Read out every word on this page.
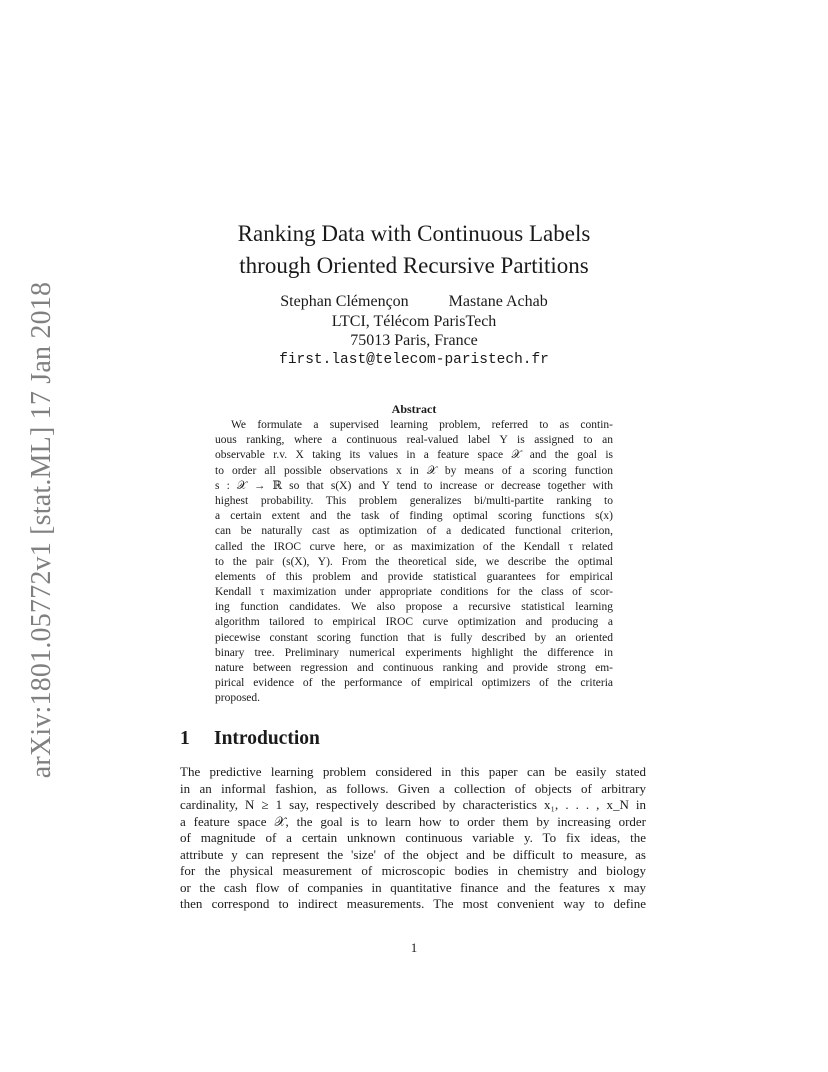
arXiv:1801.05772v1 [stat.ML] 17 Jan 2018
Ranking Data with Continuous Labels
through Oriented Recursive Partitions
Stephan Clémençon	Mastane Achab
LTCI, Télécom ParisTech
75013 Paris, France
first.last@telecom-paristech.fr
Abstract
We formulate a supervised learning problem, referred to as contin-
uous ranking, where a continuous real-valued label Y is assigned to an
observable r.v. X taking its values in a feature space 𝒳 and the goal is
to order all possible observations x in 𝒳 by means of a scoring function
s : 𝒳 → ℝ so that s(X) and Y tend to increase or decrease together with
highest probability. This problem generalizes bi/multi-partite ranking to
a certain extent and the task of finding optimal scoring functions s(x)
can be naturally cast as optimization of a dedicated functional criterion,
called the IROC curve here, or as maximization of the Kendall τ related
to the pair (s(X), Y). From the theoretical side, we describe the optimal
elements of this problem and provide statistical guarantees for empirical
Kendall τ maximization under appropriate conditions for the class of scor-
ing function candidates. We also propose a recursive statistical learning
algorithm tailored to empirical IROC curve optimization and producing a
piecewise constant scoring function that is fully described by an oriented
binary tree. Preliminary numerical experiments highlight the difference in
nature between regression and continuous ranking and provide strong em-
pirical evidence of the performance of empirical optimizers of the criteria
proposed.
1 Introduction
The predictive learning problem considered in this paper can be easily stated
in an informal fashion, as follows. Given a collection of objects of arbitrary
cardinality, N ≥ 1 say, respectively described by characteristics x₁, . . . , x_N in
a feature space 𝒳, the goal is to learn how to order them by increasing order
of magnitude of a certain unknown continuous variable y. To fix ideas, the
attribute y can represent the 'size' of the object and be difficult to measure, as
for the physical measurement of microscopic bodies in chemistry and biology
or the cash flow of companies in quantitative finance and the features x may
then correspond to indirect measurements. The most convenient way to define
1
